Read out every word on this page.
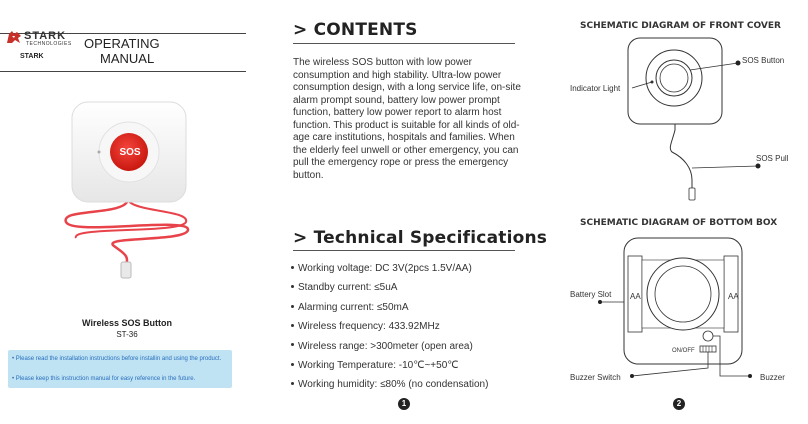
STARK
TECHNOLOGIES
STARK
OPERATING
MANUAL
SOS
Wireless SOS Button
ST-36

• Please read the installation instructions before installin and using the product.

• Please keep this instruction manual for easy reference in the future.

> CONTENTS
The wireless SOS button with low power consumption and high stability. Ultra-low power consumption design, with a long service life, on-site alarm prompt sound, battery low power prompt function, battery low power report to alarm host function. This product is suitable for all kinds of old-age care institutions, hospitals and families. When the elderly feel unwell or other emergency, you can pull the emergency rope or press the emergency button.
> Technical Specifications
Working voltage: DC 3V(2pcs 1.5V/AA)
Standby current: ≤5uA
Alarming current: ≤50mA
Wireless frequency: 433.92MHz
Wireless range: >300meter (open area)
Working Temperature: -10℃~+50℃
Working humidity: ≤80% (no condensation)
1
SCHEMATIC DIAGRAM OF FRONT COVER
Indicator Light
SOS Button
SOS Pull
SCHEMATIC DIAGRAM OF BOTTOM BOX
Battery Slot AA	AA
ON/OFF
Buzzer Switch	Buzzer
2
